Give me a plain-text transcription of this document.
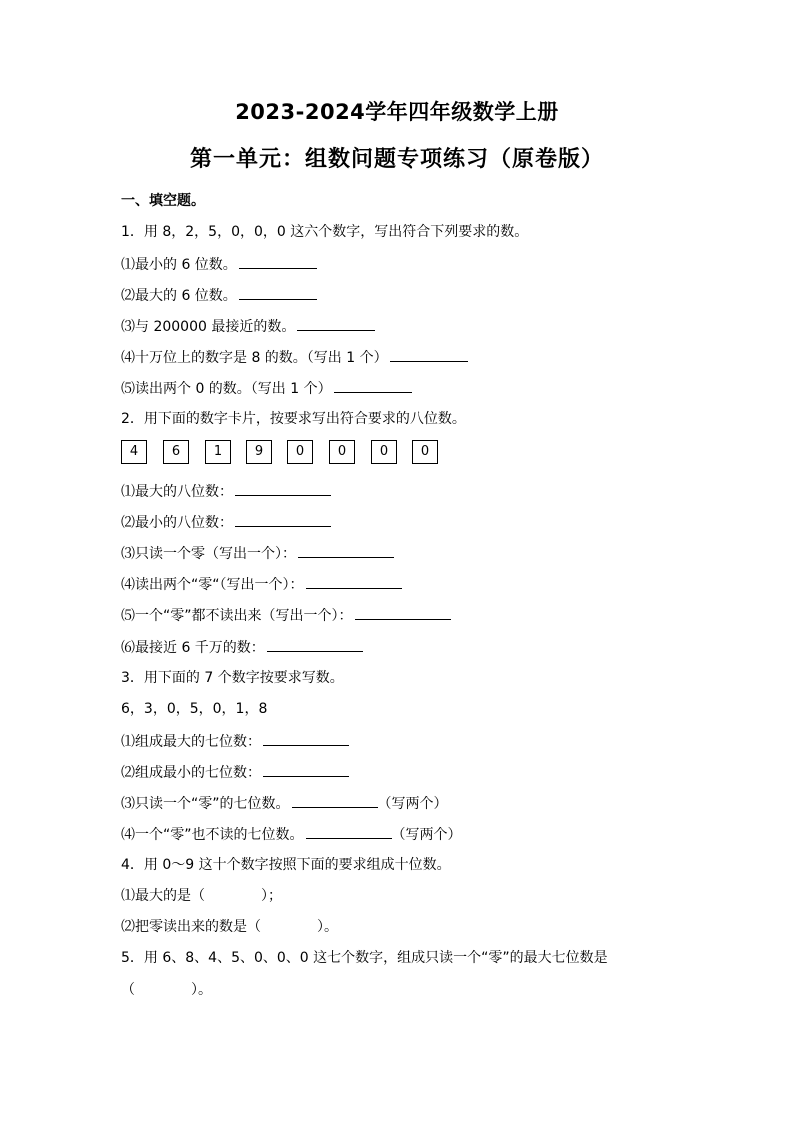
2023-2024学年四年级数学上册
第一单元：组数问题专项练习（原卷版）
一、填空题。
1．用 8，2，5，0，0，0 这六个数字，写出符合下列要求的数。
⑴最小的 6 位数。
⑵最大的 6 位数。
⑶与 200000 最接近的数。
⑷十万位上的数字是 8 的数。（写出 1 个）
⑸读出两个 0 的数。（写出 1 个）
2．用下面的数字卡片，按要求写出符合要求的八位数。
4	6	1	9	0	0	0	0
⑴最大的八位数：
⑵最小的八位数：
⑶只读一个零（写出一个）：
⑷读出两个“零“（写出一个）：
⑸一个“零”都不读出来（写出一个）：
⑹最接近 6 千万的数：
3．用下面的 7 个数字按要求写数。
6，3，0，5，0，1，8
⑴组成最大的七位数：
⑵组成最小的七位数：
⑶只读一个“零”的七位数。	（写两个）
⑷一个“零”也不读的七位数。	（写两个）
4．用 0～9 这十个数字按照下面的要求组成十位数。
⑴最大的是（	）；
⑵把零读出来的数是（	）。
5．用 6、8、4、5、0、0、0 这七个数字，组成只读一个“零”的最大七位数是
（	）。
